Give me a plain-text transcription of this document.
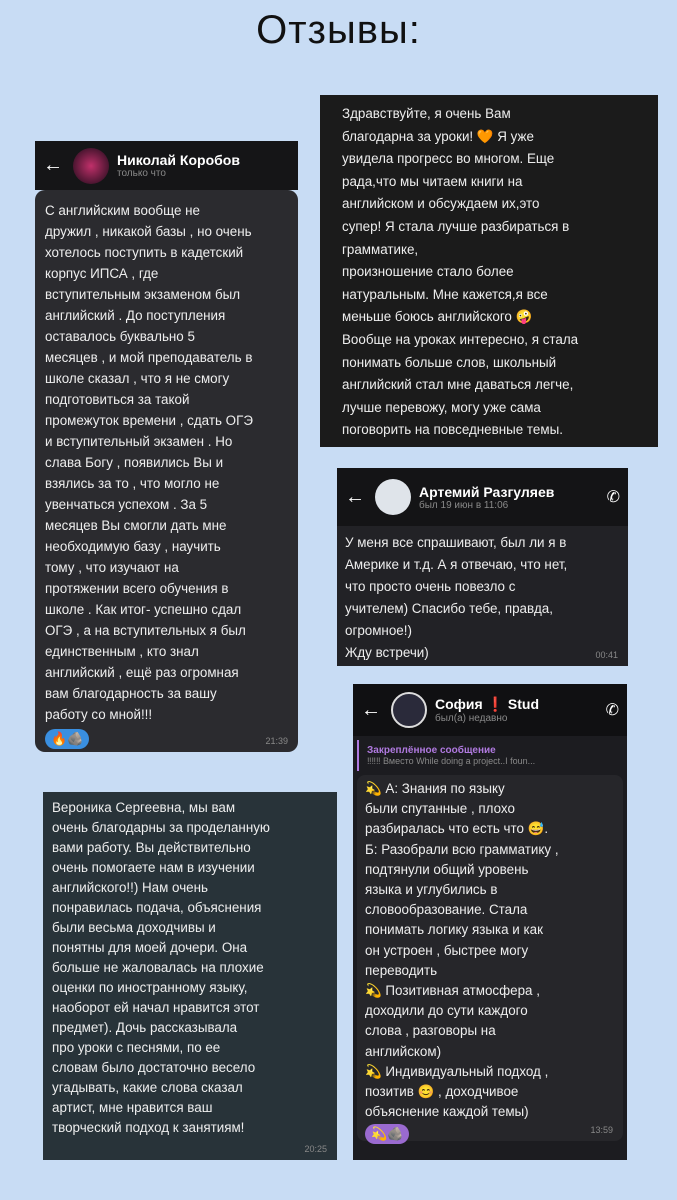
Отзывы:
←	Николай Коробов
только что
С английским вообще не
дружил , никакой базы , но очень
хотелось поступить в кадетский
корпус ИПСА , где
вступительным экзаменом был
английский . До поступления
оставалось буквально 5
месяцев , и мой преподаватель в
школе сказал , что я не смогу
подготовиться за такой
промежуток времени , сдать ОГЭ
и вступительный экзамен . Но
слава Богу , появились Вы и
взялись за то , что могло не
увенчаться успехом . За 5
месяцев Вы смогли дать мне
необходимую базу , научить
тому , что изучают на
протяжении всего обучения в
школе . Как итог- успешно сдал
ОГЭ , а на вступительных я был
единственным , кто знал
английский , ещё раз огромная
вам благодарность за вашу
работу со мной!!!
🔥🪨	21:39
Здравствуйте, я очень Вам
благодарна за уроки! 🧡 Я уже
увидела прогресс во многом. Еще
рада,что мы читаем книги на
английском и обсуждаем их,это
супер! Я стала лучше разбираться в
грамматике,
произношение стало более
натуральным. Мне кажется,я все
меньше боюсь английского 🤪
Вообще на уроках интересно, я стала
понимать больше слов, школьный
английский стал мне даваться легче,
лучше перевожу, могу уже сама
поговорить на повседневные темы.
←	Артемий Разгуляев
был 19 июн в 11:06	✆
У меня все спрашивают, был ли я в
Америке и т.д. А я отвечаю, что нет,
что просто очень повезло с
учителем) Спасибо тебе, правда,
огромное!)
Жду встречи)	00:41
Вероника Сергеевна, мы вам
очень благодарны за проделанную
вами работу. Вы действительно
очень помогаете нам в изучении
английского!!) Нам очень
понравилась подача, объяснения
были весьма доходчивы и
понятны для моей дочери. Она
больше не жаловалась на плохие
оценки по иностранному языку,
наоборот ей начал нравится этот
предмет). Дочь рассказывала
про уроки с песнями, по ее
словам было достаточно весело
угадывать, какие слова сказал
артист, мне нравится ваш
творческий подход к занятиям!
20:25
←	София ❗ Stud
был(а) недавно	✆
Закреплённое сообщение
‼‼‼ Вместо While doing a project..I foun...
💫 А: Знания по языку
были спутанные , плохо
разбиралась что есть что 😅.
Б: Разобрали всю грамматику ,
подтянули общий уровень
языка и углубились в
словообразование. Стала
понимать логику языка и как
он устроен , быстрее могу
переводить
💫 Позитивная атмосфера ,
доходили до сути каждого
слова , разговоры на
английском)
💫 Индивидуальный подход ,
позитив 😊 , доходчивое
объяснение каждой темы)
💫🪨	13:59
